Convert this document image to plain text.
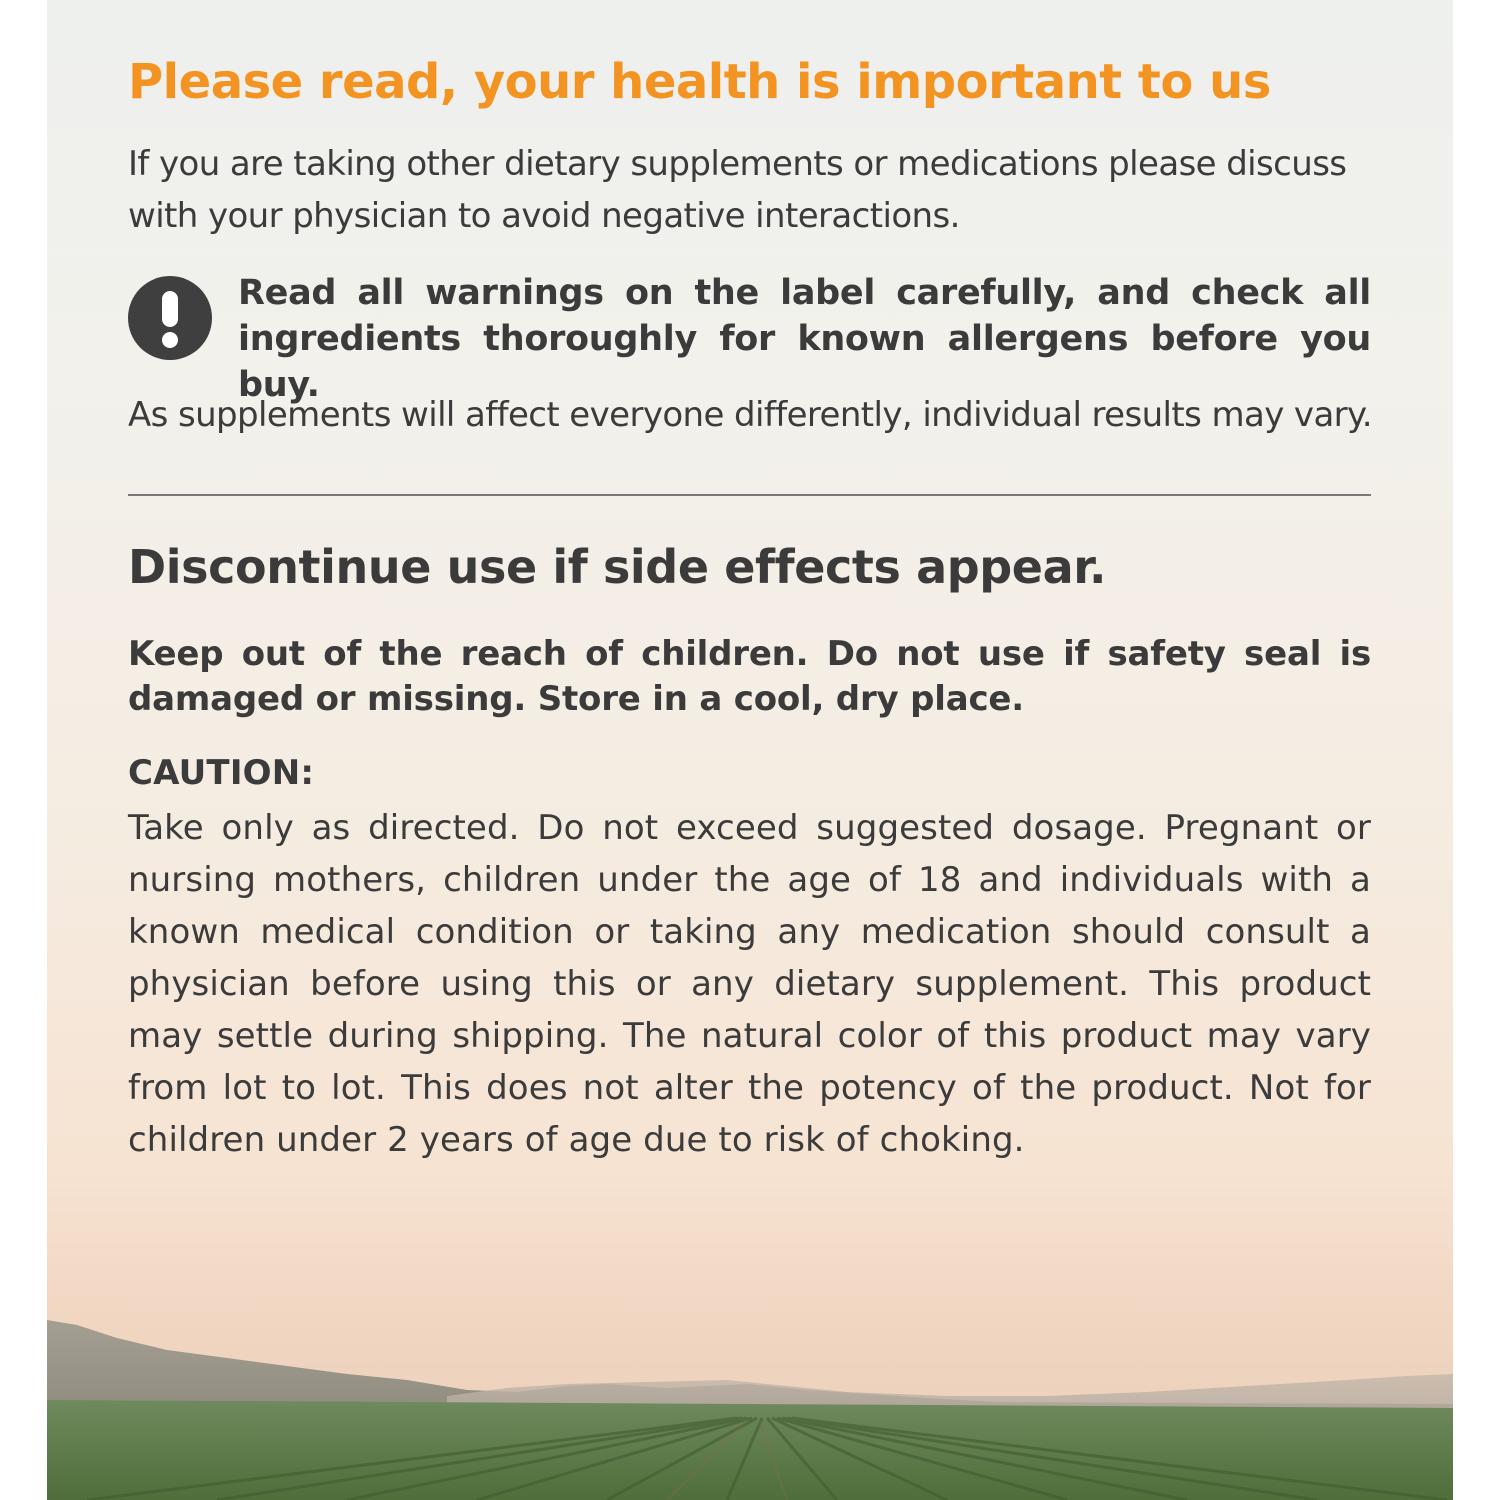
Please read, your health is important to us

If you are taking other dietary supplements or medications please discuss with your physician to avoid negative interactions.

Read all warnings on the label carefully, and check all ingredients thoroughly for known allergens before you buy.

As supplements will affect everyone differently, individual results may vary.

Discontinue use if side effects appear.

Keep out of the reach of children. Do not use if safety seal is damaged or missing. Store in a cool, dry place.

CAUTION:

Take only as directed. Do not exceed suggested dosage. Pregnant or nursing mothers, children under the age of 18 and individuals with a known medical condition or taking any medication should consult a physician before using this or any dietary supplement. This product may settle during shipping. The natural color of this product may vary from lot to lot. This does not alter the potency of the product. Not for children under 2 years of age due to risk of choking.
